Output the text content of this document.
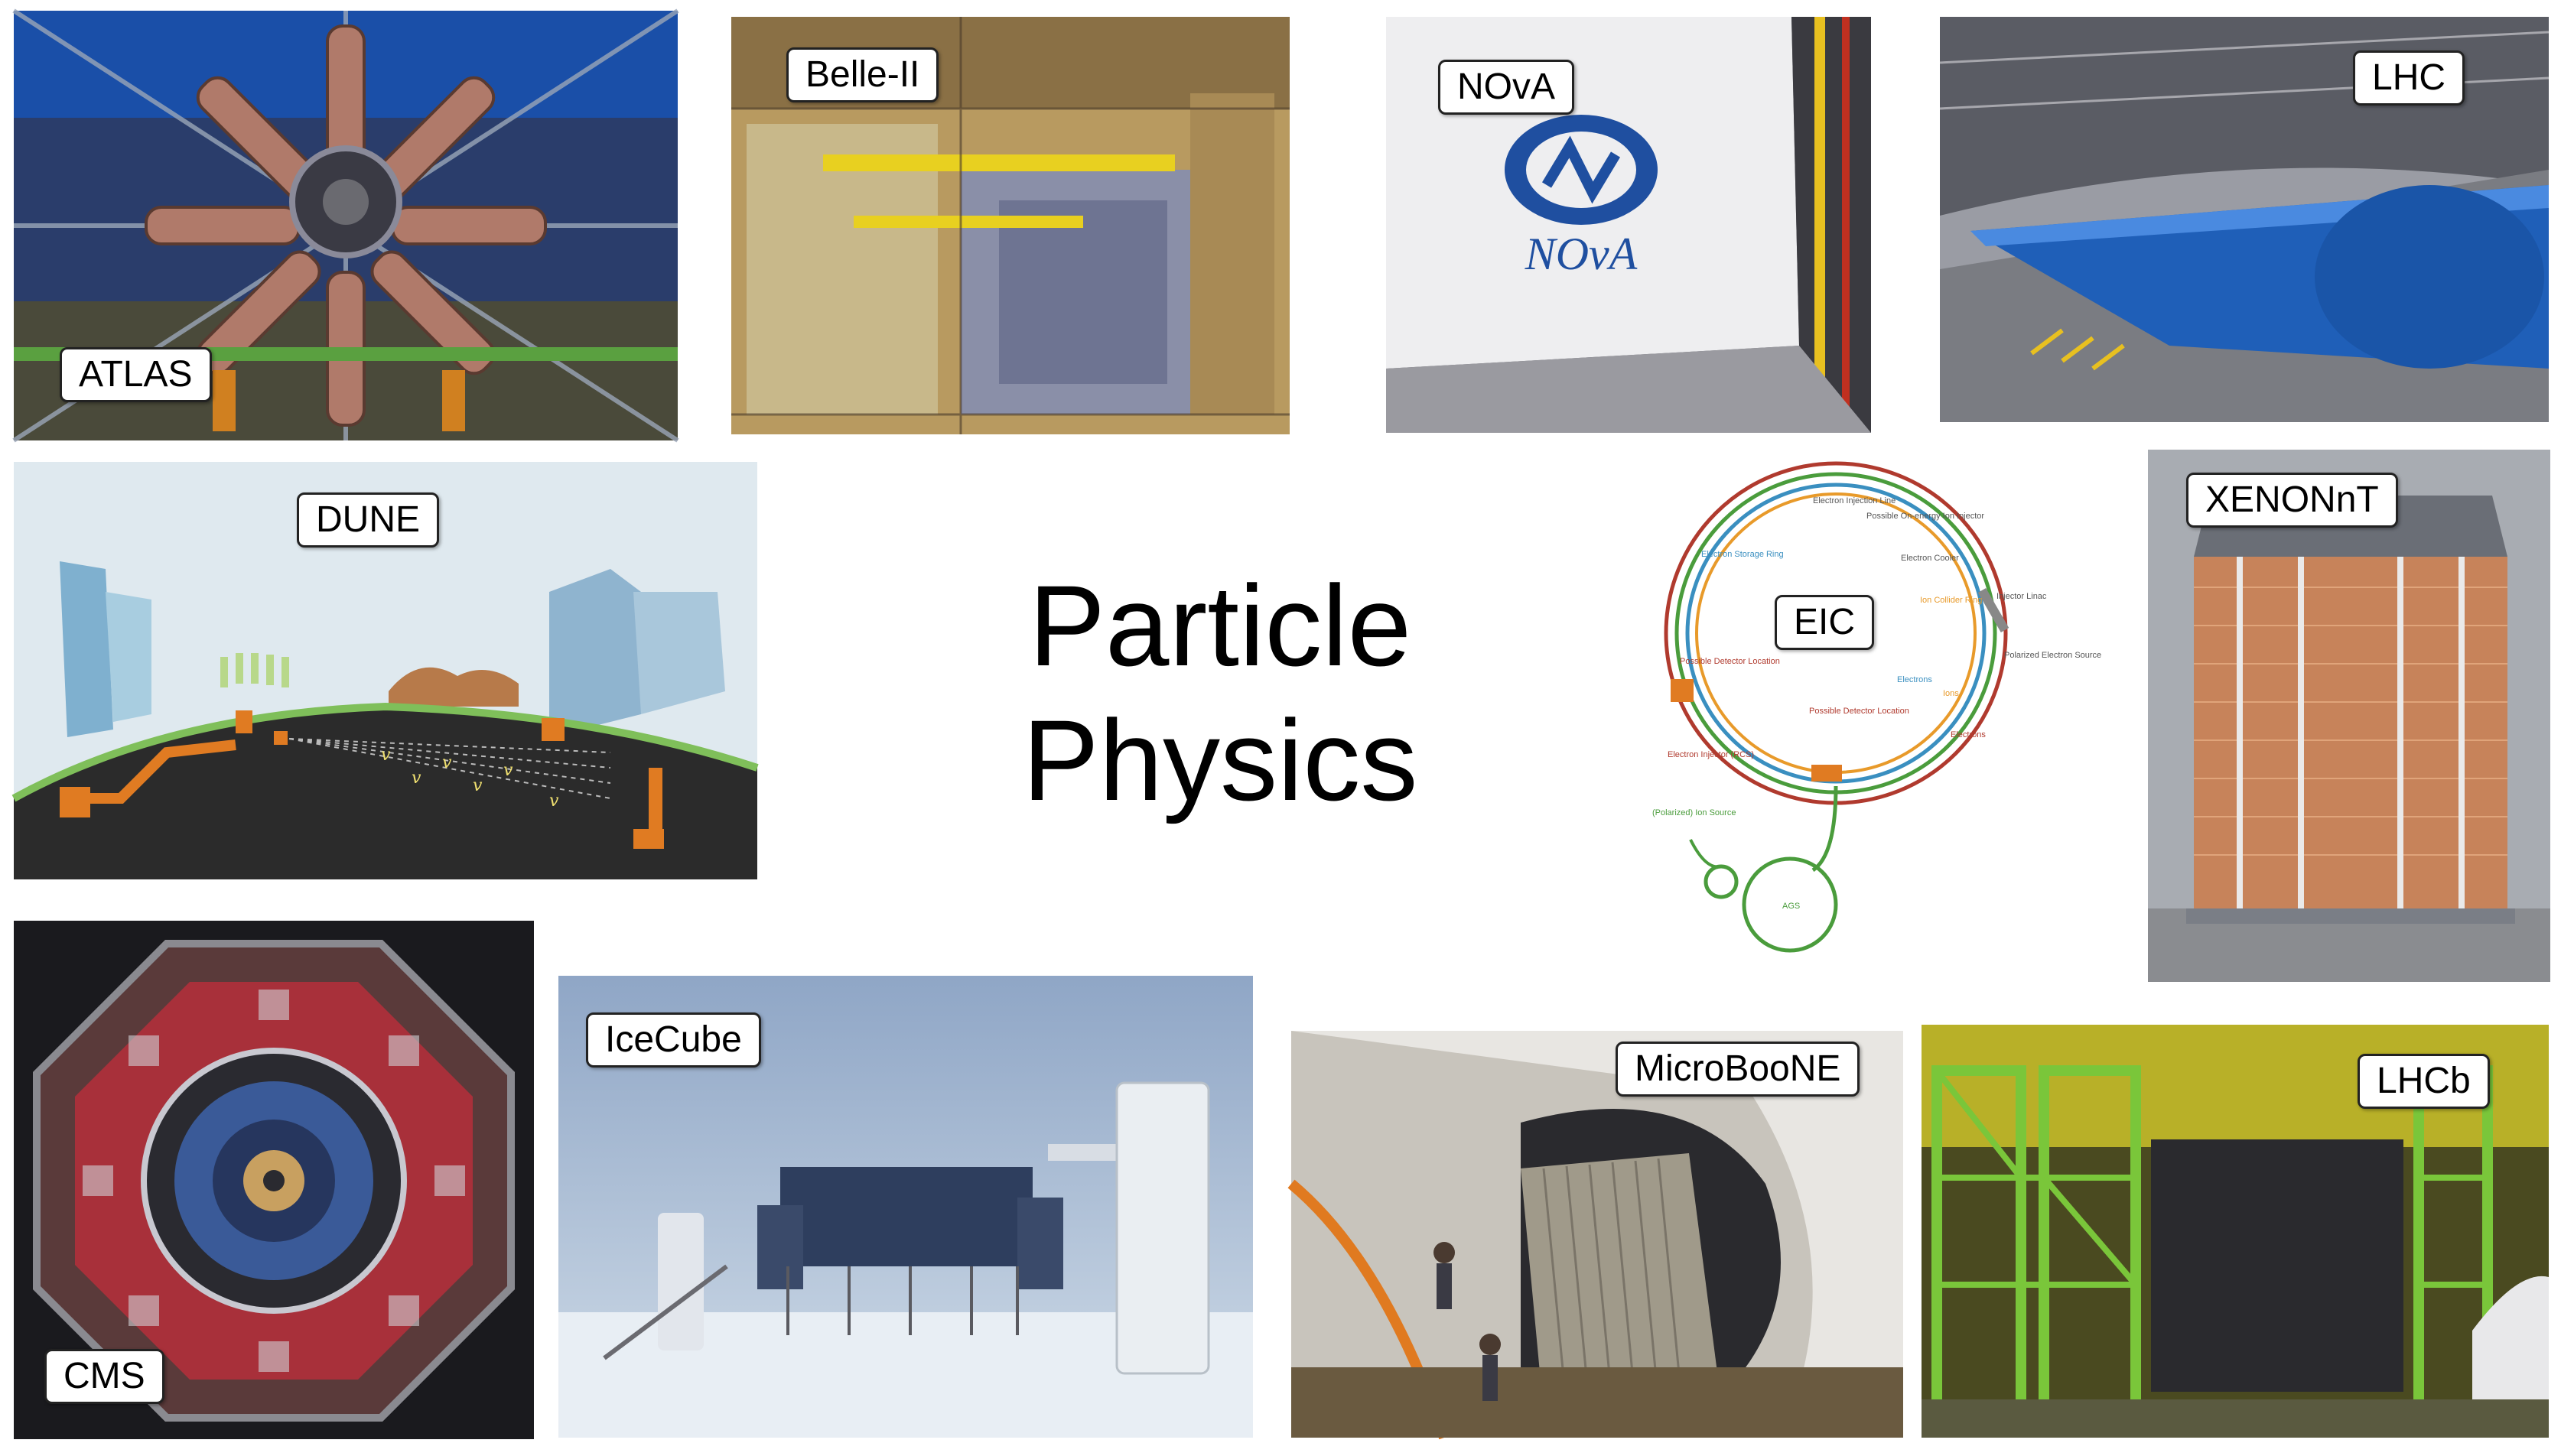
ATLAS
Belle-II
NOvA
NOvA	LHC
v	v	v
v	v
v
DUNE
Particle
Physics
Electron Injection Line
Possible On-energy Ion Injector
Electron Storage Ring	Electron Cooler
Injector Linac
Ion Collider Ring
Polarized Electron Source
Possible Detector Location
Possible Detector Location
Electrons
Electrons
Ions
Electron Injector (RCS)
(Polarized) Ion Source
AGS
EIC
XENONnT
CMS
IceCube
MicroBooNE	LHCb
